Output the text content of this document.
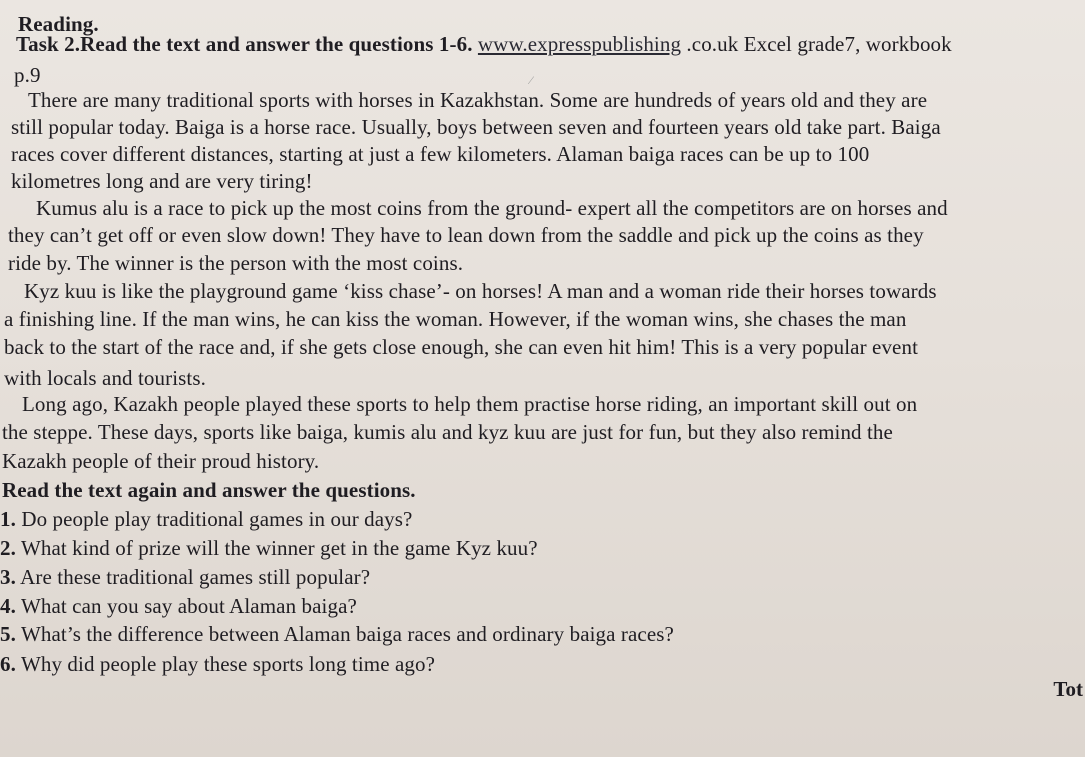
Reading.
Task 2.Read the text and answer the questions 1-6. www.expresspublishing .co.uk Excel grade7, workbook
p.9	⁄
There are many traditional sports with horses in Kazakhstan. Some are hundreds of years old and they are
still popular today. Baiga is a horse race. Usually, boys between seven and fourteen years old take part. Baiga
races cover different distances, starting at just a few kilometers. Alaman baiga races can be up to 100
kilometres long and are very tiring!
Kumus alu is a race to pick up the most coins from the ground- expert all the competitors are on horses and
they can’t get off or even slow down! They have to lean down from the saddle and pick up the coins as they
ride by. The winner is the person with the most coins.
Kyz kuu is like the playground game ‘kiss chase’- on horses! A man and a woman ride their horses towards
a finishing line. If the man wins, he can kiss the woman. However, if the woman wins, she chases the man
back to the start of the race and, if she gets close enough, she can even hit him! This is a very popular event
with locals and tourists.
Long ago, Kazakh people played these sports to help them practise horse riding, an important skill out on
the steppe. These days, sports like baiga, kumis alu and kyz kuu are just for fun, but they also remind the
Kazakh people of their proud history.
Read the text again and answer the questions.
1. Do people play traditional games in our days?
2. What kind of prize will the winner get in the game Kyz kuu?
3. Are these traditional games still popular?
4. What can you say about Alaman baiga?
5. What’s the difference between Alaman baiga races and ordinary baiga races?
6. Why did people play these sports long time ago?
Tot
